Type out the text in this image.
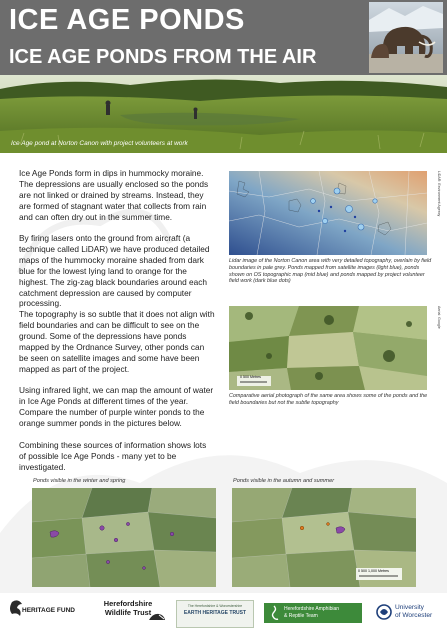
ICE AGE PONDS
ICE AGE PONDS FROM THE AIR
Ice Age pond at Norton Canon with project volunteers at work
Ice Age Ponds form in dips in hummocky moraine. The depressions are usually enclosed so the ponds are not linked or drained by streams. Instead, they are formed of stagnant water that collects from rain and can often dry out in the summer time.
By firing lasers onto the ground from aircraft (a technique called LiDAR) we have produced detailed maps of the hummocky moraine shaded from dark blue for the lowest lying land to orange for the highest. The zig-zag black boundaries around each catchment depression are caused by computer processing.
The topography is so subtle that it does not align with field boundaries and can be difficult to see on the ground. Some of the depressions have ponds mapped by the Ordnance Survey, other ponds can be seen on satellite images and some have been mapped as part of the project.
Using infrared light, we can map the amount of water in Ice Age Ponds at different times of the year. Compare the number of purple winter ponds to the orange summer ponds in the pictures below.
Combining these sources of information shows lots of possible Ice Age Ponds - many yet to be investigated.
LiDAR: Environment Agency
Lidar image of the Norton Canon area with very detailed topography, overlain by field boundaries in pale grey. Ponds mapped from satellite images (light blue), ponds shown on OS topographic map (mid blue) and ponds mapped by project volunteer field work (dark blue dots)
0 500 Metres
Aerial: Google
Comparative aerial photograph of the same area shows some of the ponds and the field boundaries but not the subtle topography
Ponds visible in the winter and spring	Ponds visible in the autumn and summer
0 500 1,000 Metres
HERITAGE FUND
Herefordshire
Wildlife Trust
The Herefordshire & Worcestershire
EARTH HERITAGE TRUST
Herefordshire Amphibian
& Reptile Team
University
of Worcester
